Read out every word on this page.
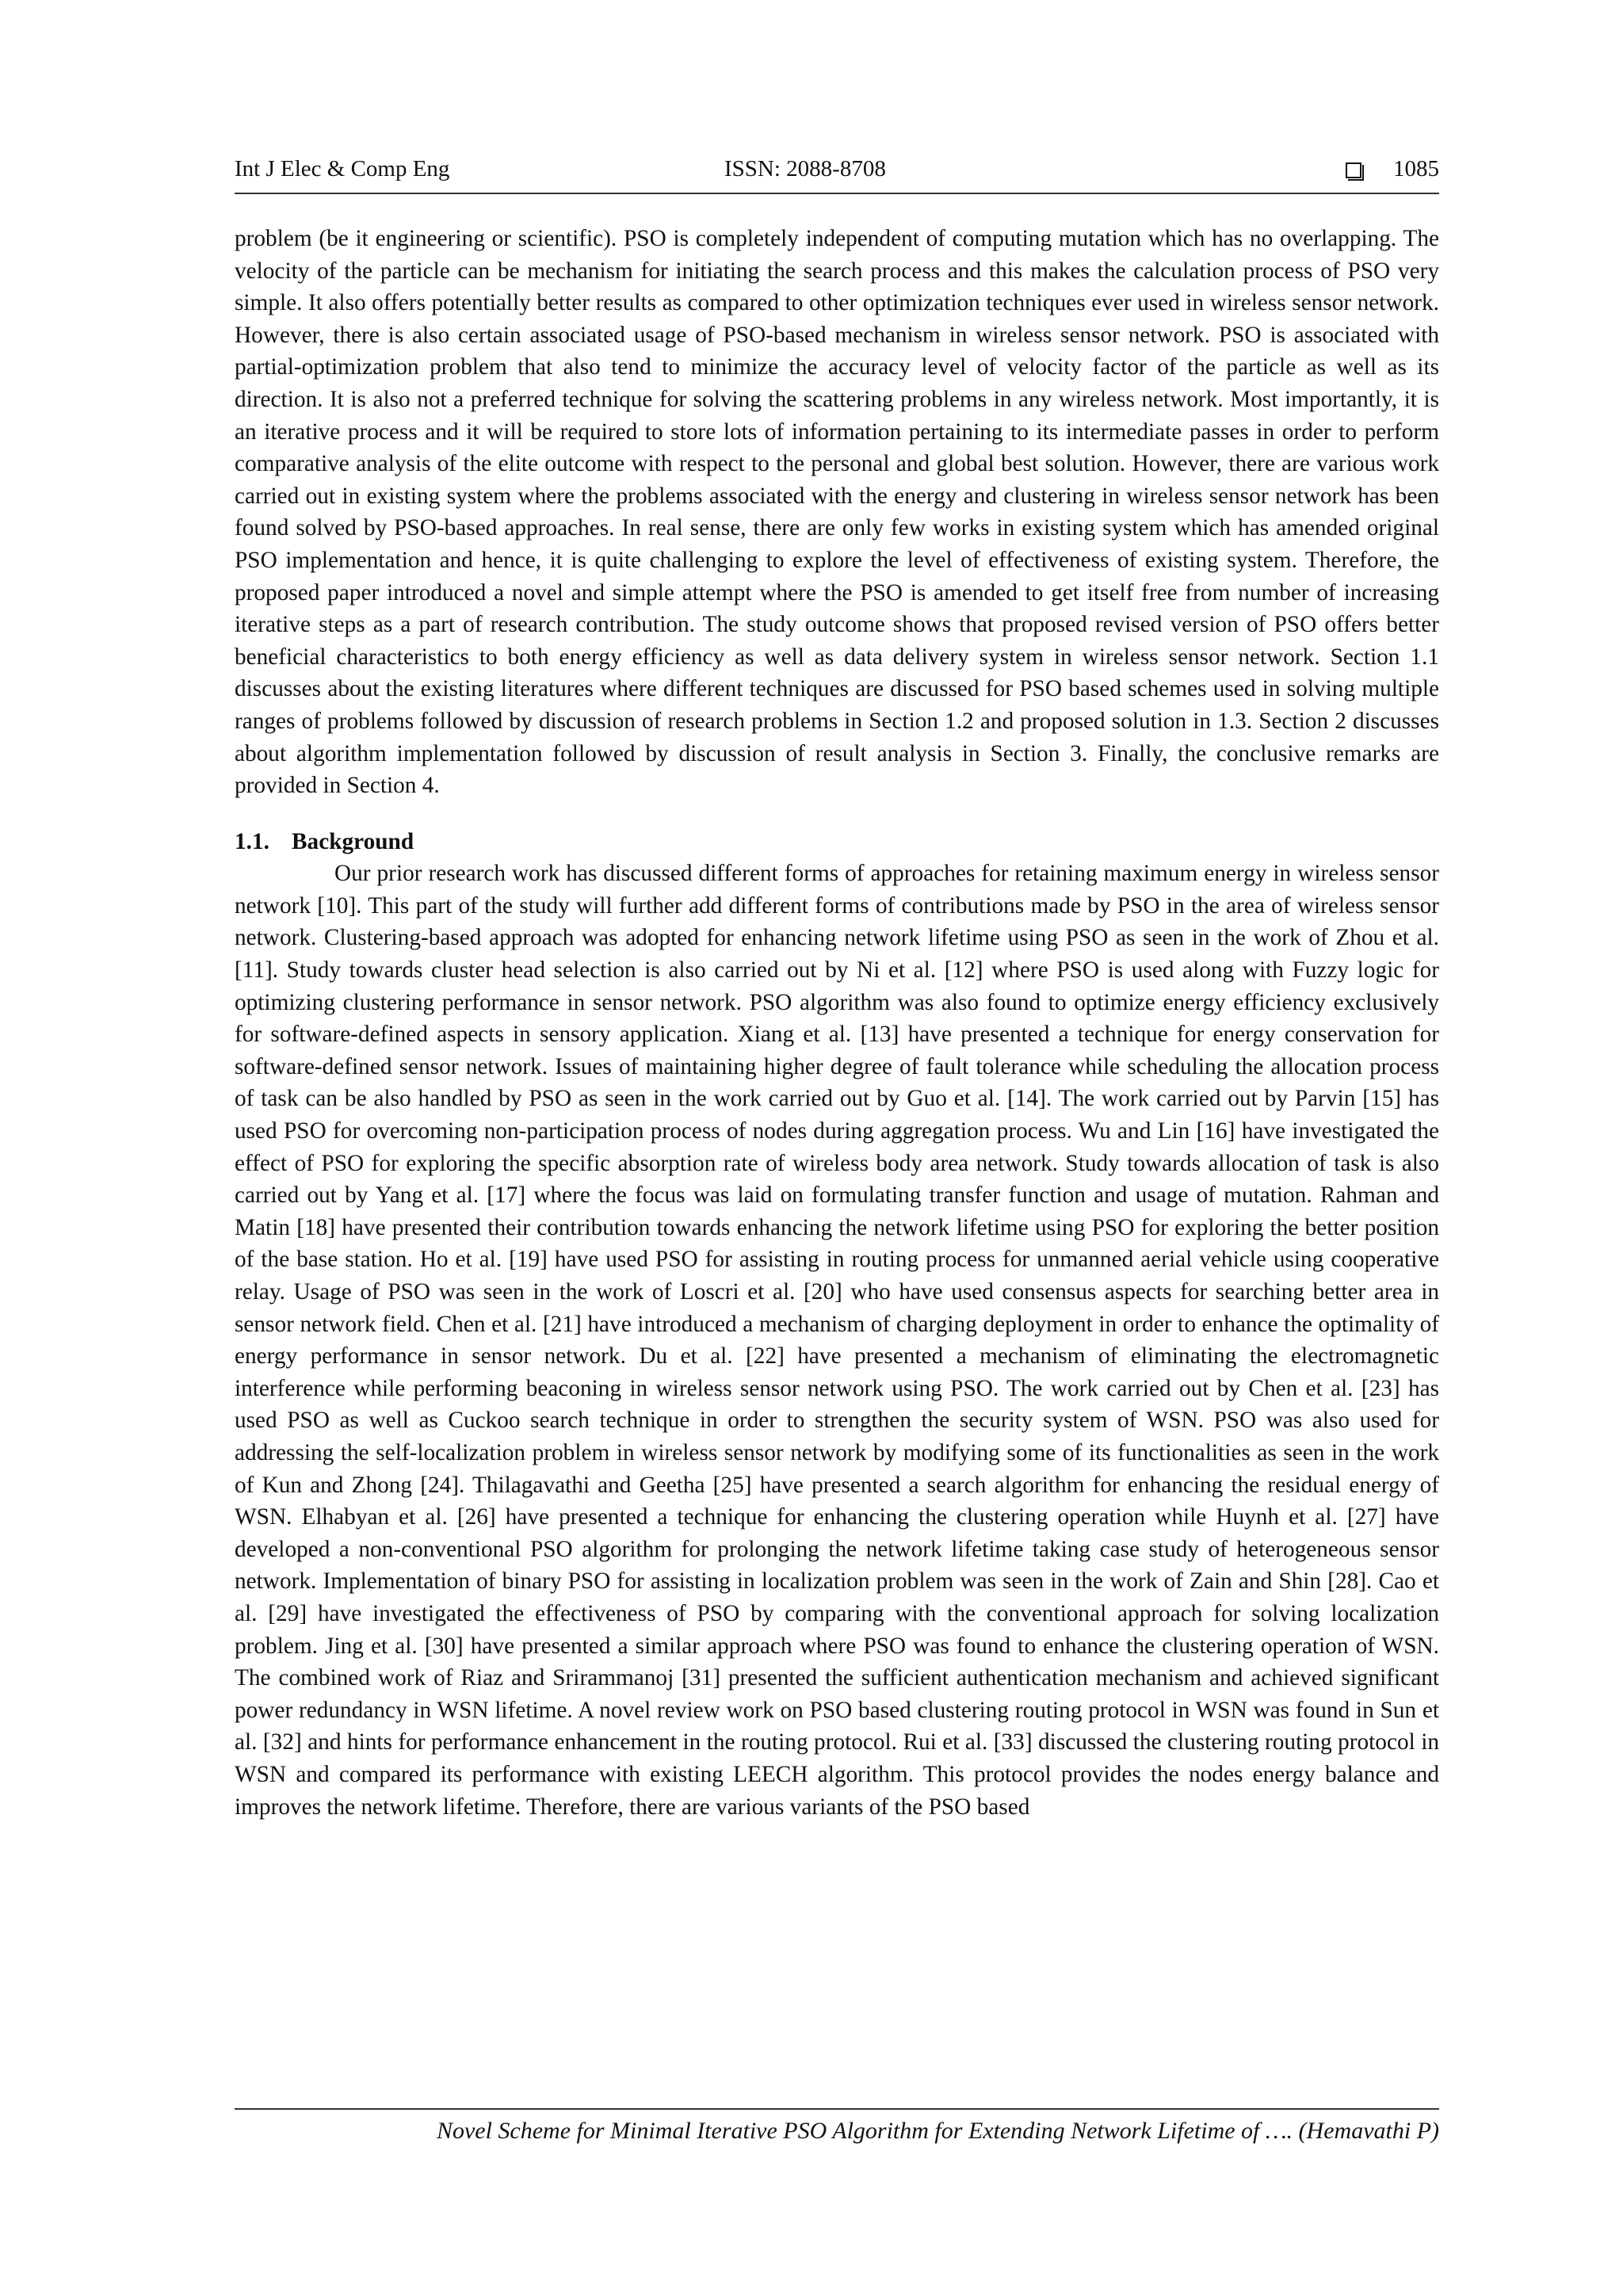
Int J Elec & Comp Eng	ISSN: 2088-8708	1085

problem (be it engineering or scientific). PSO is completely independent of computing mutation which has no overlapping. The velocity of the particle can be mechanism for initiating the search process and this makes the calculation process of PSO very simple. It also offers potentially better results as compared to other optimization techniques ever used in wireless sensor network. However, there is also certain associated usage of PSO-based mechanism in wireless sensor network. PSO is associated with partial-optimization problem that also tend to minimize the accuracy level of velocity factor of the particle as well as its direction. It is also not a preferred technique for solving the scattering problems in any wireless network. Most importantly, it is an iterative process and it will be required to store lots of information pertaining to its intermediate passes in order to perform comparative analysis of the elite outcome with respect to the personal and global best solution. However, there are various work carried out in existing system where the problems associated with the energy and clustering in wireless sensor network has been found solved by PSO-based approaches. In real sense, there are only few works in existing system which has amended original PSO implementation and hence, it is quite challenging to explore the level of effectiveness of existing system. Therefore, the proposed paper introduced a novel and simple attempt where the PSO is amended to get itself free from number of increasing iterative steps as a part of research contribution. The study outcome shows that proposed revised version of PSO offers better beneficial characteristics to both energy efficiency as well as data delivery system in wireless sensor network. Section 1.1 discusses about the existing literatures where different techniques are discussed for PSO based schemes used in solving multiple ranges of problems followed by discussion of research problems in Section 1.2 and proposed solution in 1.3. Section 2 discusses about algorithm implementation followed by discussion of result analysis in Section 3. Finally, the conclusive remarks are provided in Section 4.

1.1. Background

Our prior research work has discussed different forms of approaches for retaining maximum energy in wireless sensor network [10]. This part of the study will further add different forms of contributions made by PSO in the area of wireless sensor network. Clustering-based approach was adopted for enhancing network lifetime using PSO as seen in the work of Zhou et al. [11]. Study towards cluster head selection is also carried out by Ni et al. [12] where PSO is used along with Fuzzy logic for optimizing clustering performance in sensor network. PSO algorithm was also found to optimize energy efficiency exclusively for software-defined aspects in sensory application. Xiang et al. [13] have presented a technique for energy conservation for software-defined sensor network. Issues of maintaining higher degree of fault tolerance while scheduling the allocation process of task can be also handled by PSO as seen in the work carried out by Guo et al. [14]. The work carried out by Parvin [15] has used PSO for overcoming non-participation process of nodes during aggregation process. Wu and Lin [16] have investigated the effect of PSO for exploring the specific absorption rate of wireless body area network. Study towards allocation of task is also carried out by Yang et al. [17] where the focus was laid on formulating transfer function and usage of mutation. Rahman and Matin [18] have presented their contribution towards enhancing the network lifetime using PSO for exploring the better position of the base station. Ho et al. [19] have used PSO for assisting in routing process for unmanned aerial vehicle using cooperative relay. Usage of PSO was seen in the work of Loscri et al. [20] who have used consensus aspects for searching better area in sensor network field. Chen et al. [21] have introduced a mechanism of charging deployment in order to enhance the optimality of energy performance in sensor network. Du et al. [22] have presented a mechanism of eliminating the electromagnetic interference while performing beaconing in wireless sensor network using PSO. The work carried out by Chen et al. [23] has used PSO as well as Cuckoo search technique in order to strengthen the security system of WSN. PSO was also used for addressing the self-localization problem in wireless sensor network by modifying some of its functionalities as seen in the work of Kun and Zhong [24]. Thilagavathi and Geetha [25] have presented a search algorithm for enhancing the residual energy of WSN. Elhabyan et al. [26] have presented a technique for enhancing the clustering operation while Huynh et al. [27] have developed a non-conventional PSO algorithm for prolonging the network lifetime taking case study of heterogeneous sensor network. Implementation of binary PSO for assisting in localization problem was seen in the work of Zain and Shin [28]. Cao et al. [29] have investigated the effectiveness of PSO by comparing with the conventional approach for solving localization problem. Jing et al. [30] have presented a similar approach where PSO was found to enhance the clustering operation of WSN. The combined work of Riaz and Srirammanoj [31] presented the sufficient authentication mechanism and achieved significant power redundancy in WSN lifetime. A novel review work on PSO based clustering routing protocol in WSN was found in Sun et al. [32] and hints for performance enhancement in the routing protocol. Rui et al. [33] discussed the clustering routing protocol in WSN and compared its performance with existing LEECH algorithm. This protocol provides the nodes energy balance and improves the network lifetime. Therefore, there are various variants of the PSO based

Novel Scheme for Minimal Iterative PSO Algorithm for Extending Network Lifetime of …. (Hemavathi P)
